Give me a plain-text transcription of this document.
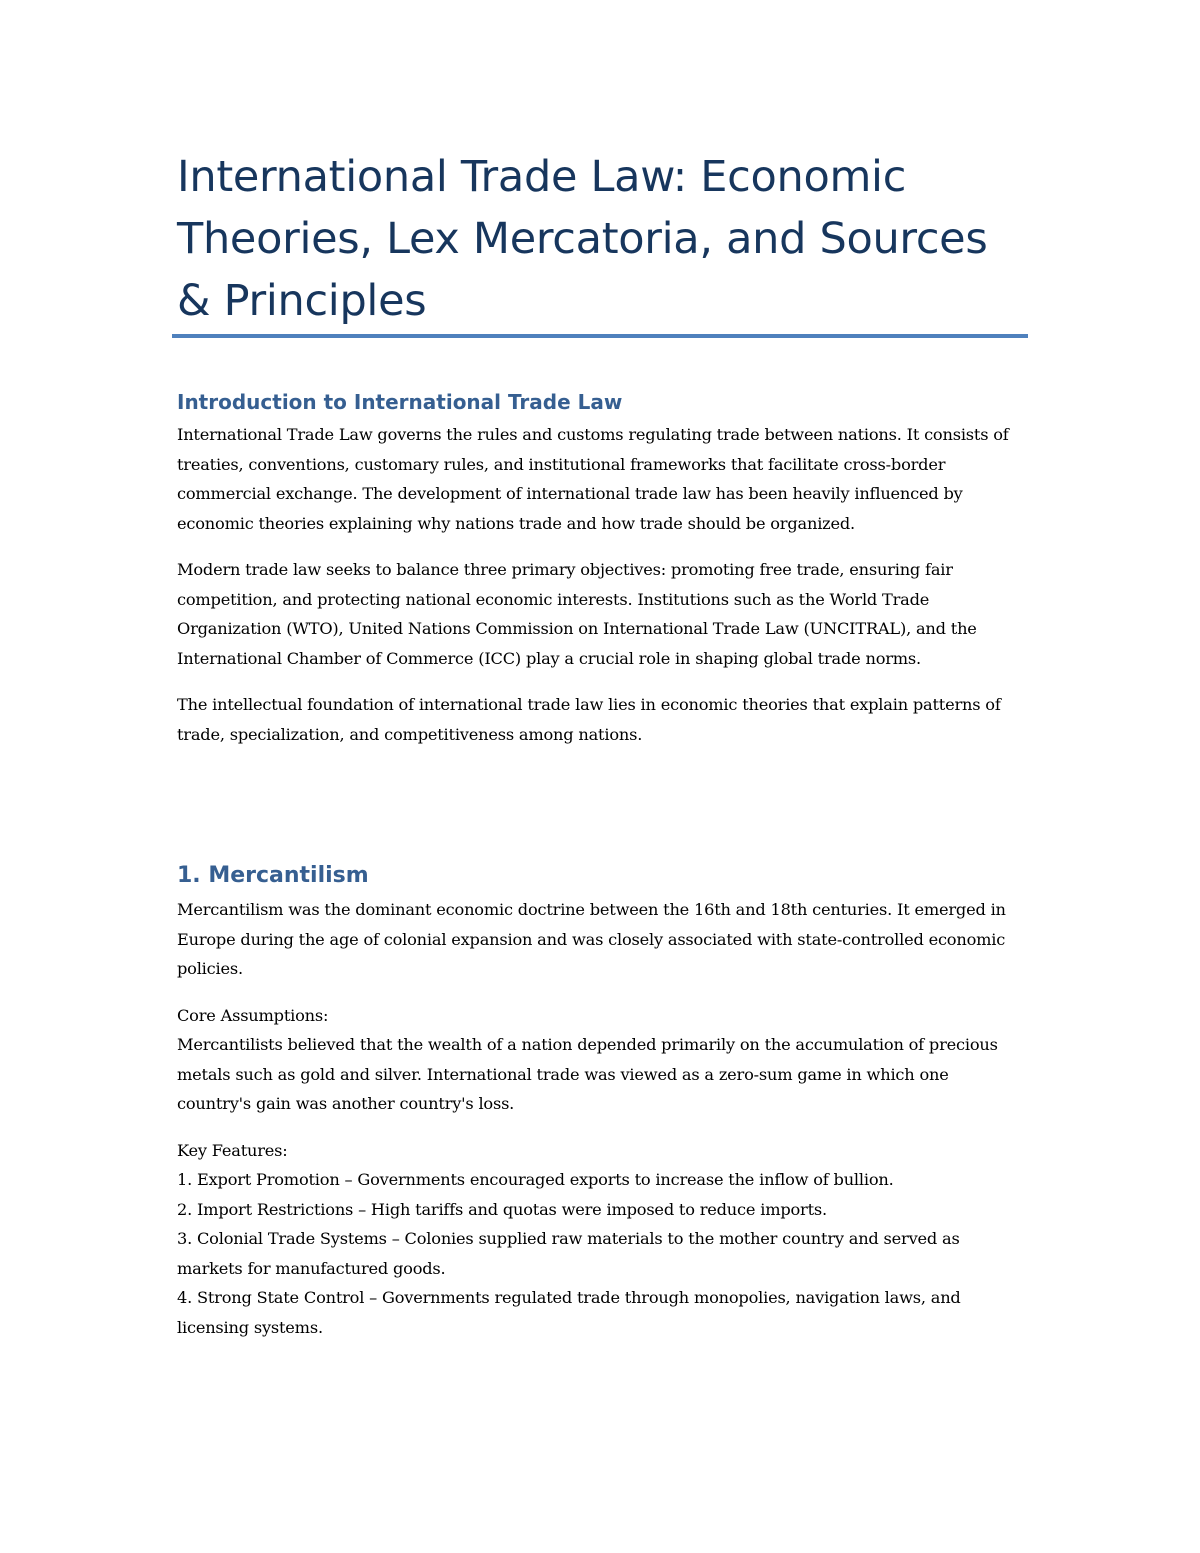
International Trade Law: Economic Theories, Lex Mercatoria, and Sources & Principles
Introduction to International Trade Law

International Trade Law governs the rules and customs regulating trade between nations. It consists of treaties, conventions, customary rules, and institutional frameworks that facilitate cross-border commercial exchange. The development of international trade law has been heavily influenced by economic theories explaining why nations trade and how trade should be organized.

Modern trade law seeks to balance three primary objectives: promoting free trade, ensuring fair competition, and protecting national economic interests. Institutions such as the World Trade Organization (WTO), United Nations Commission on International Trade Law (UNCITRAL), and the International Chamber of Commerce (ICC) play a crucial role in shaping global trade norms.

The intellectual foundation of international trade law lies in economic theories that explain patterns of trade, specialization, and competitiveness among nations.

1. Mercantilism

Mercantilism was the dominant economic doctrine between the 16th and 18th centuries. It emerged in Europe during the age of colonial expansion and was closely associated with state-controlled economic policies.

Core Assumptions:

Mercantilists believed that the wealth of a nation depended primarily on the accumulation of precious metals such as gold and silver. International trade was viewed as a zero-sum game in which one country's gain was another country's loss.

Key Features:

1. Export Promotion – Governments encouraged exports to increase the inflow of bullion.

2. Import Restrictions – High tariffs and quotas were imposed to reduce imports.

3. Colonial Trade Systems – Colonies supplied raw materials to the mother country and served as markets for manufactured goods.

4. Strong State Control – Governments regulated trade through monopolies, navigation laws, and licensing systems.
